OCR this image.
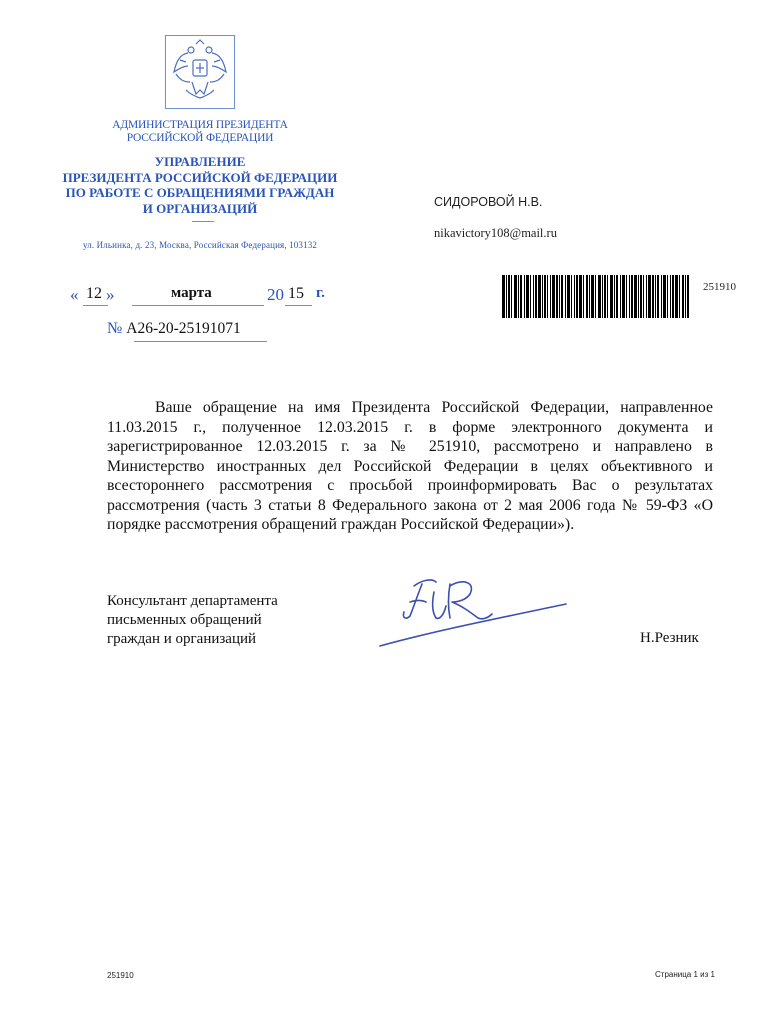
АДМИНИСТРАЦИЯ ПРЕЗИДЕНТА
РОССИЙСКОЙ ФЕДЕРАЦИИ
УПРАВЛЕНИЕ
ПРЕЗИДЕНТА РОССИЙСКОЙ ФЕДЕРАЦИИ
ПО РАБОТЕ С ОБРАЩЕНИЯМИ ГРАЖДАН
И ОРГАНИЗАЦИЙ
ул. Ильинка, д. 23, Москва, Российская Федерация, 103132
« 12 »	марта	20 15 г.
№ А26-20-25191071
СИДОРОВОЙ Н.В.
nikavictory108@mail.ru
251910

Ваше обращение на имя Президента Российской Федерации, направленное 11.03.2015 г., полученное 12.03.2015 г. в форме электронного документа и зарегистрированное 12.03.2015 г. за № 251910, рассмотрено и направлено в Министерство иностранных дел Российской Федерации в целях объективного и всестороннего рассмотрения с просьбой проинформировать Вас о результатах рассмотрения (часть 3 статьи 8 Федерального закона от 2 мая 2006 года № 59-ФЗ «О порядке рассмотрения обращений граждан Российской Федерации»).

Консультант департамента
письменных обращений
граждан и организаций	Н.Резник
251910	Страница 1 из 1
